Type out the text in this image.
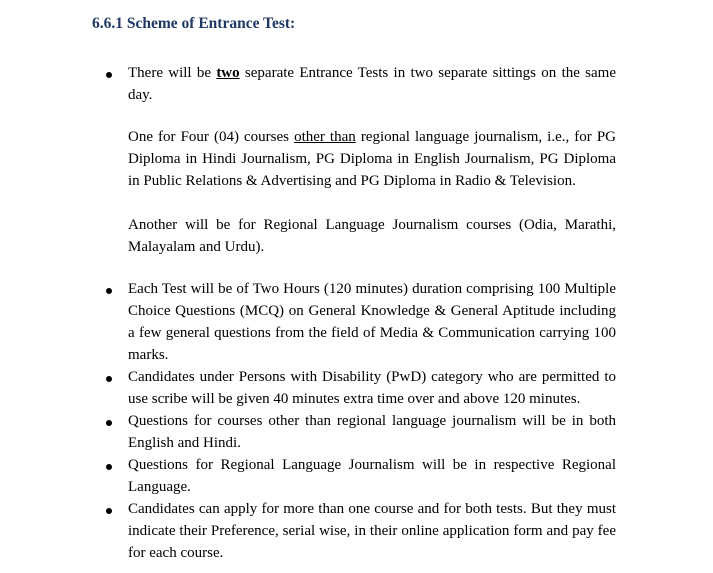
6.6.1 Scheme of Entrance Test:
There will be two separate Entrance Tests in two separate sittings on the same day.
One for Four (04) courses other than regional language journalism, i.e., for PG Diploma in Hindi Journalism, PG Diploma in English Journalism, PG Diploma in Public Relations & Advertising and PG Diploma in Radio & Television.
Another will be for Regional Language Journalism courses (Odia, Marathi, Malayalam and Urdu).
Each Test will be of Two Hours (120 minutes) duration comprising 100 Multiple Choice Questions (MCQ) on General Knowledge & General Aptitude including a few general questions from the field of Media & Communication carrying 100 marks.
Candidates under Persons with Disability (PwD) category who are permitted to use scribe will be given 40 minutes extra time over and above 120 minutes.
Questions for courses other than regional language journalism will be in both English and Hindi.
Questions for Regional Language Journalism will be in respective Regional Language.
Candidates can apply for more than one course and for both tests. But they must indicate their Preference, serial wise, in their online application form and pay fee for each course.
